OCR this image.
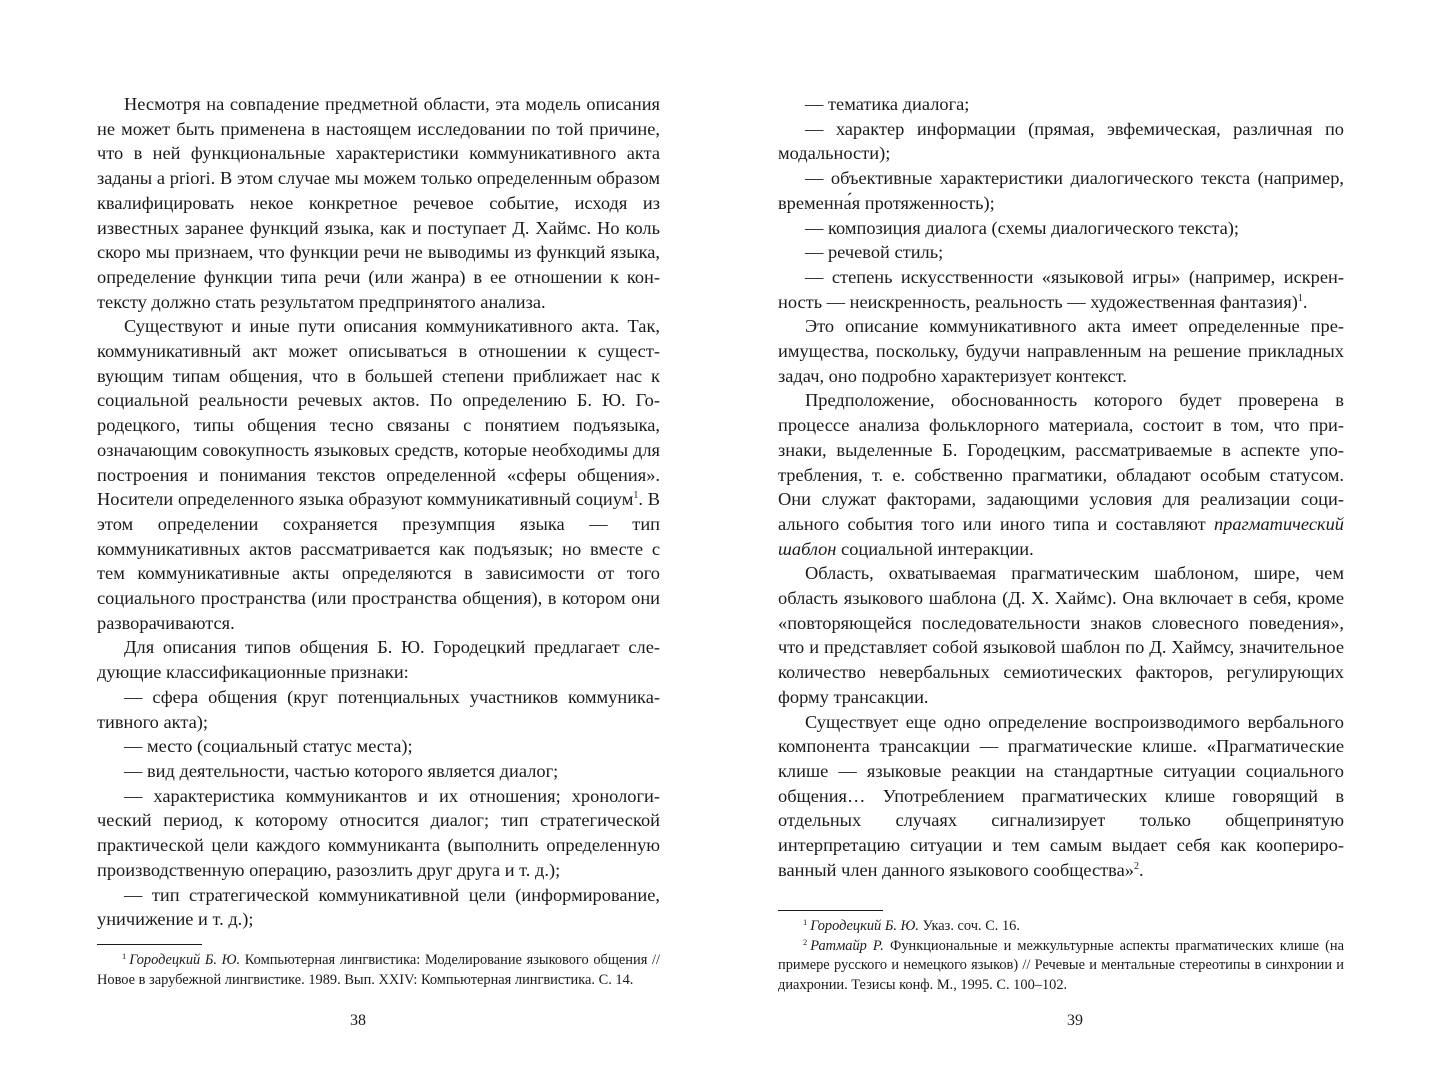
Несмотря на совпадение предметной области, эта модель описания не может быть применена в настоящем исследовании по той причине, что в ней функциональные характеристики коммуникативного акта заданы a priori. В этом случае мы можем только определенным образом квалифицировать некое конкретное речевое событие, исходя из известных заранее функций языка, как и поступает Д. Хаймс. Но коль скоро мы признаем, что функции речи не выводимы из функций языка, определение функции типа речи (или жанра) в ее отношении к контексту должно стать результатом предпринятого анализа.

Существуют и иные пути описания коммуникативного акта. Так, коммуникативный акт может описываться в отношении к существующим типам общения, что в большей степени приближает нас к социальной реальности речевых актов. По определению Б. Ю. Городецкого, типы общения тесно связаны с понятием подъязыка, означающим совокупность языковых средств, которые необходимы для построения и понимания текстов определенной «сферы общения». Носители определенного языка образуют коммуникативный социум$^1$. В этом определении сохраняется презумпция языка — тип коммуникативных актов рассматривается как подъязык; но вместе с тем коммуникативные акты определяются в зависимости от того социального пространства (или пространства общения), в котором они разворачиваются.

Для описания типов общения Б. Ю. Городецкий предлагает следующие классификационные признаки:

— сфера общения (круг потенциальных участников коммуникативного акта);

— место (социальный статус места);

— вид деятельности, частью которого является диалог;

— характеристика коммуникантов и их отношения; хронологический период, к которому относится диалог; тип стратегической практической цели каждого коммуниканта (выполнить определенную производственную операцию, разозлить друг друга и т. д.);

— тип стратегической коммуникативной цели (информирование, уничижение и т. д.);

$^1$ Городецкий Б. Ю. Компьютерная лингвистика: Моделирование языкового общения // Новое в зарубежной лингвистике. 1989. Вып. XXIV: Компьютерная лингвистика. С. 14.

38

— тематика диалога;

— характер информации (прямая, эвфемическая, различная по модальности);

— объективные характеристики диалогического текста (например, временна́я протяженность);

— композиция диалога (схемы диалогического текста);

— речевой стиль;

— степень искусственности «языковой игры» (например, искренность — неискренность, реальность — художественная фантазия)$^1$.

Это описание коммуникативного акта имеет определенные преимущества, поскольку, будучи направленным на решение прикладных задач, оно подробно характеризует контекст.

Предположение, обоснованность которого будет проверена в процессе анализа фольклорного материала, состоит в том, что признаки, выделенные Б. Городецким, рассматриваемые в аспекте употребления, т. е. собственно прагматики, обладают особым статусом. Они служат факторами, задающими условия для реализации социального события того или иного типа и составляют прагматический шаблон социальной интеракции.

Область, охватываемая прагматическим шаблоном, шире, чем область языкового шаблона (Д. Х. Хаймс). Она включает в себя, кроме «повторяющейся последовательности знаков словесного поведения», что и представляет собой языковой шаблон по Д. Хаймсу, значительное количество невербальных семиотических факторов, регулирующих форму трансакции.

Существует еще одно определение воспроизводимого вербального компонента трансакции — прагматические клише. «Прагматические клише — языковые реакции на стандартные ситуации социального общения… Употреблением прагматических клише говорящий в отдельных случаях сигнализирует только общепринятую интерпретацию ситуации и тем самым выдает себя как кооперированный член данного языкового сообщества»$^2$.

$^1$ Городецкий Б. Ю. Указ. соч. С. 16.

$^2$ Ратмайр Р. Функциональные и межкультурные аспекты прагматических клише (на примере русского и немецкого языков) // Речевые и ментальные стереотипы в синхронии и диахронии. Тезисы конф. М., 1995. С. 100–102.

39
